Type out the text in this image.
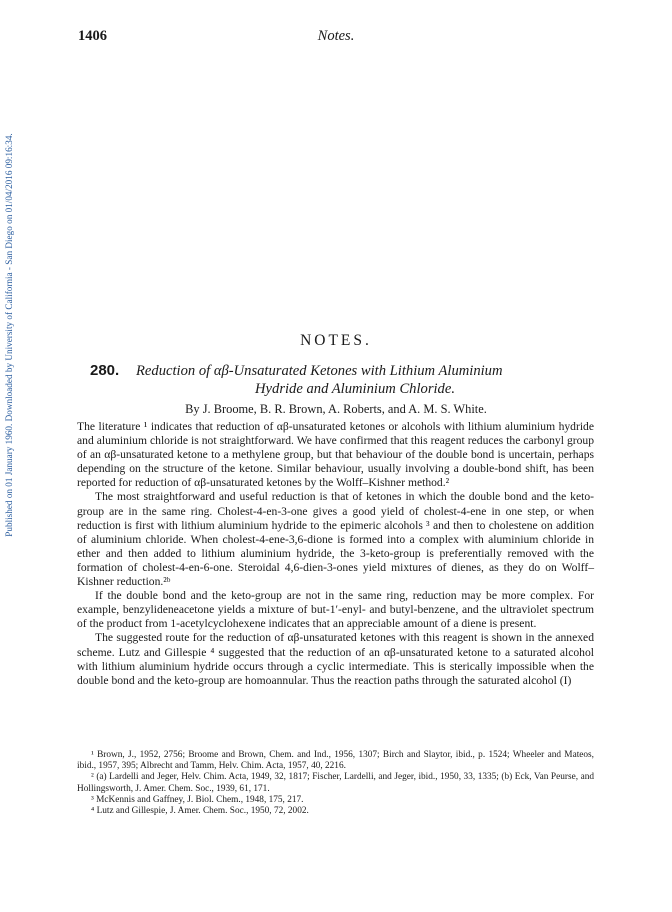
1406	Notes.
Published on 01 January 1960. Downloaded by University of California - San Diego on 01/04/2016 09:16:34.	NOTES.
280. Reduction of αβ-Unsaturated Ketones with Lithium Aluminium
Hydride and Aluminium Chloride.
By J. Broome, B. R. Brown, A. Roberts, and A. M. S. White.

The literature ¹ indicates that reduction of αβ-unsaturated ketones or alcohols with lithium aluminium hydride and aluminium chloride is not straightforward. We have confirmed that this reagent reduces the carbonyl group of an αβ-unsaturated ketone to a methylene group, but that behaviour of the double bond is uncertain, perhaps depending on the structure of the ketone. Similar behaviour, usually involving a double-bond shift, has been reported for reduction of αβ-unsaturated ketones by the Wolff–Kishner method.²

The most straightforward and useful reduction is that of ketones in which the double bond and the keto-group are in the same ring. Cholest-4-en-3-one gives a good yield of cholest-4-ene in one step, or when reduction is first with lithium aluminium hydride to the epimeric alcohols ³ and then to cholestene on addition of aluminium chloride. When cholest-4-ene-3,6-dione is formed into a complex with aluminium chloride in ether and then added to lithium aluminium hydride, the 3-keto-group is preferentially removed with the formation of cholest-4-en-6-one. Steroidal 4,6-dien-3-ones yield mixtures of dienes, as they do on Wolff–Kishner reduction.²ᵇ

If the double bond and the keto-group are not in the same ring, reduction may be more complex. For example, benzylideneacetone yields a mixture of but-1′-enyl- and butyl-benzene, and the ultraviolet spectrum of the product from 1-acetylcyclohexene indicates that an appreciable amount of a diene is present.

The suggested route for the reduction of αβ-unsaturated ketones with this reagent is shown in the annexed scheme. Lutz and Gillespie ⁴ suggested that the reduction of an αβ-unsaturated ketone to a saturated alcohol with lithium aluminium hydride occurs through a cyclic intermediate. This is sterically impossible when the double bond and the keto-group are homoannular. Thus the reaction paths through the saturated alcohol (I)

¹ Brown, J., 1952, 2756; Broome and Brown, Chem. and Ind., 1956, 1307; Birch and Slaytor, ibid., p. 1524; Wheeler and Mateos, ibid., 1957, 395; Albrecht and Tamm, Helv. Chim. Acta, 1957, 40, 2216.
² (a) Lardelli and Jeger, Helv. Chim. Acta, 1949, 32, 1817; Fischer, Lardelli, and Jeger, ibid., 1950, 33, 1335; (b) Eck, Van Peurse, and Hollingsworth, J. Amer. Chem. Soc., 1939, 61, 171.
³ McKennis and Gaffney, J. Biol. Chem., 1948, 175, 217.
⁴ Lutz and Gillespie, J. Amer. Chem. Soc., 1950, 72, 2002.
